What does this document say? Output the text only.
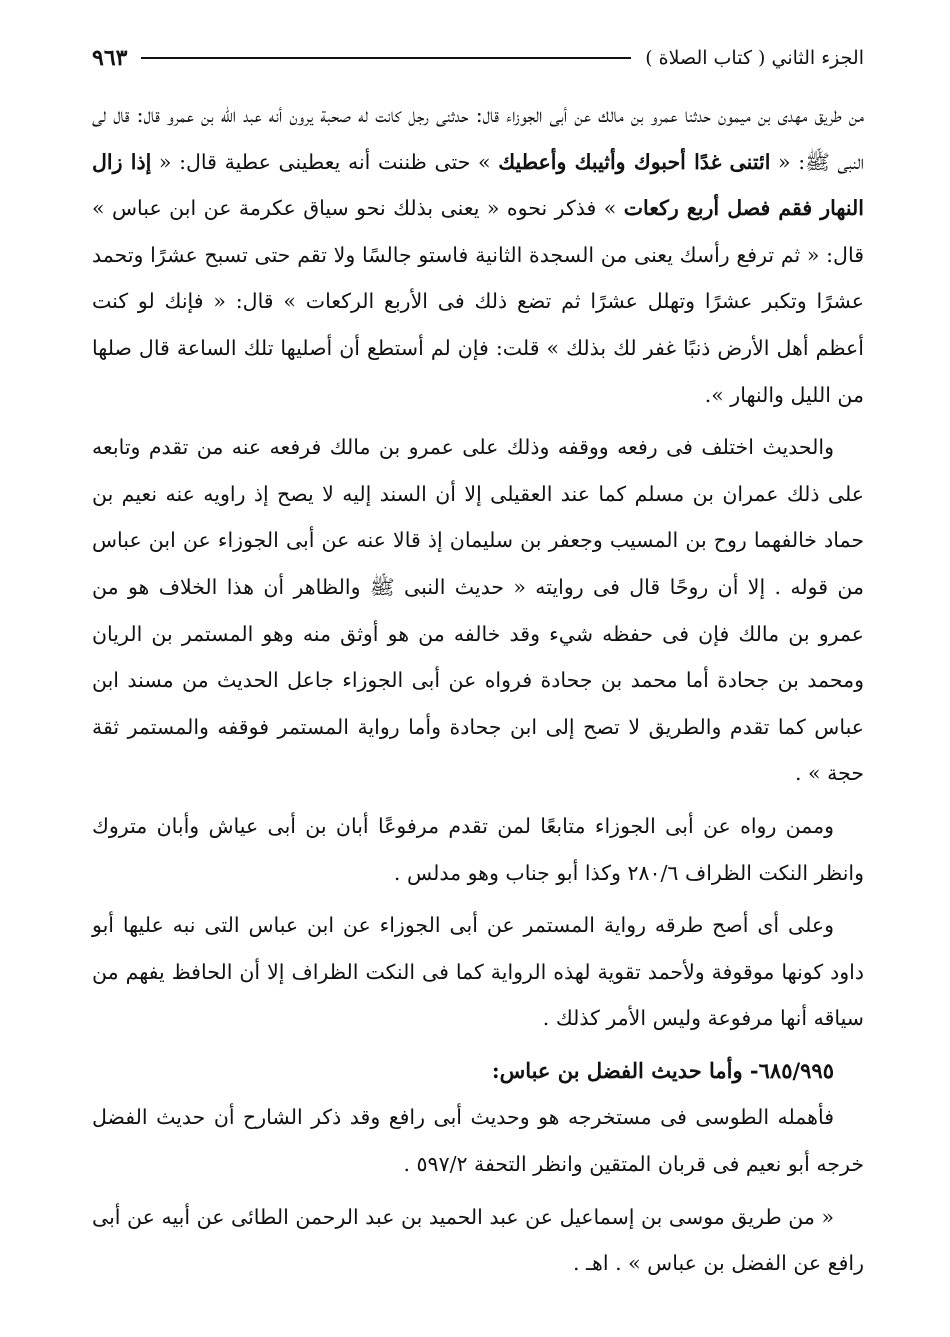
الجزء الثاني ( كتاب الصلاة )
٩٦٣

من طريق مهدى بن ميمون حدثنا عمرو بن مالك عن أبى الجوزاء قال: حدثنى رجل كانت له صحبة يرون أنه عبد الله بن عمرو قال: قال لى النبى ﷺ: « ائتنى غدًا أحبوك وأثيبك وأعطيك » حتى ظننت أنه يعطينى عطية قال: « إذا زال النهار فقم فصل أربع ركعات » فذكر نحوه « يعنى بذلك نحو سياق عكرمة عن ابن عباس » قال: « ثم ترفع رأسك يعنى من السجدة الثانية فاستو جالسًا ولا تقم حتى تسبح عشرًا وتحمد عشرًا وتكبر عشرًا وتهلل عشرًا ثم تضع ذلك فى الأربع الركعات » قال: « فإنك لو كنت أعظم أهل الأرض ذنبًا غفر لك بذلك » قلت: فإن لم أستطع أن أصليها تلك الساعة قال صلها من الليل والنهار ».

والحديث اختلف فى رفعه ووقفه وذلك على عمرو بن مالك فرفعه عنه من تقدم وتابعه على ذلك عمران بن مسلم كما عند العقيلى إلا أن السند إليه لا يصح إذ راويه عنه نعيم بن حماد خالفهما روح بن المسيب وجعفر بن سليمان إذ قالا عنه عن أبى الجوزاء عن ابن عباس من قوله . إلا أن روحًا قال فى روايته « حديث النبى ﷺ والظاهر أن هذا الخلاف هو من عمرو بن مالك فإن فى حفظه شيء وقد خالفه من هو أوثق منه وهو المستمر بن الريان ومحمد بن جحادة أما محمد بن جحادة فرواه عن أبى الجوزاء جاعل الحديث من مسند ابن عباس كما تقدم والطريق لا تصح إلى ابن جحادة وأما رواية المستمر فوقفه والمستمر ثقة حجة » .

وممن رواه عن أبى الجوزاء متابعًا لمن تقدم مرفوعًا أبان بن أبى عياش وأبان متروك وانظر النكت الظراف ٢٨٠/٦ وكذا أبو جناب وهو مدلس .

وعلى أى أصح طرقه رواية المستمر عن أبى الجوزاء عن ابن عباس التى نبه عليها أبو داود كونها موقوفة ولأحمد تقوية لهذه الرواية كما فى النكت الظراف إلا أن الحافظ يفهم من سياقه أنها مرفوعة وليس الأمر كذلك .

٦٨٥/٩٩٥- وأما حديث الفضل بن عباس:

فأهمله الطوسى فى مستخرجه هو وحديث أبى رافع وقد ذكر الشارح أن حديث الفضل خرجه أبو نعيم فى قربان المتقين وانظر التحفة ٥٩٧/٢ .

« من طريق موسى بن إسماعيل عن عبد الحميد بن عبد الرحمن الطائى عن أبيه عن أبى رافع عن الفضل بن عباس » . اهـ .
